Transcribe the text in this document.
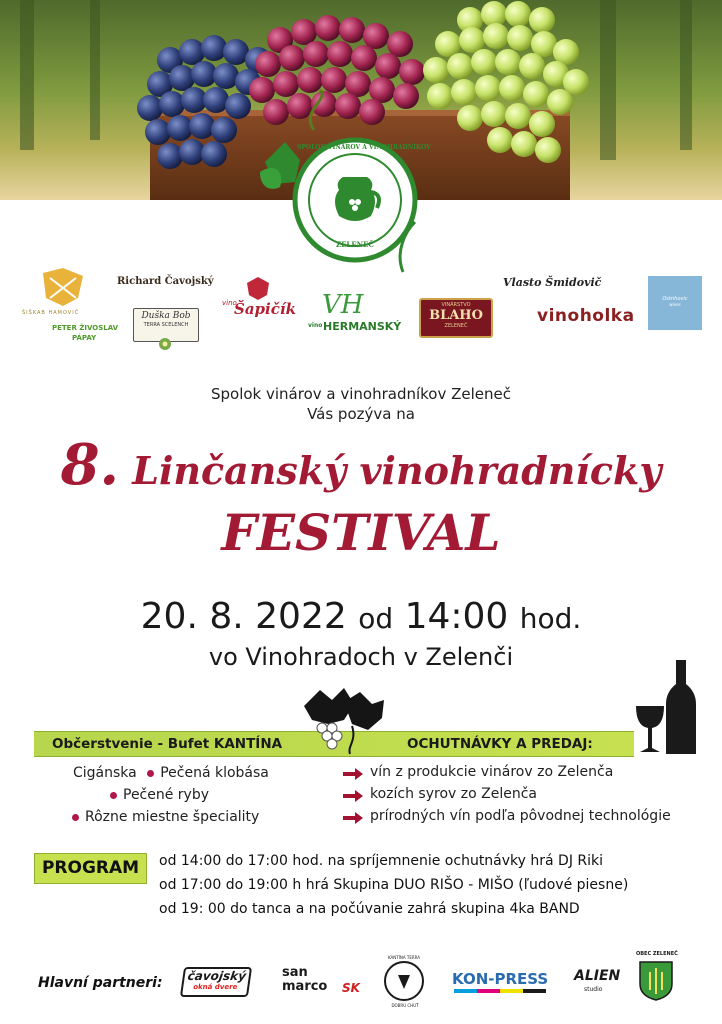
SPOLOK VINÁROV A VINOHRADNÍKOV
ZELENEČ
ŠIŠKAB HAMOVIČ
PETER ŽIVOSLAV
PÁPAY
Richard Čavojský
Duška Bob
TERRA SCELENCH
vino
Šapičík VH
vino HERMANSKÝ
VINÁRSTVO
BLAHO
ZELENEČ
Vlasto Šmidovič
vinoholka
Ostrihovic
wines
Spolok vinárov a vinohradníkov Zeleneč
Vás pozýva na
8. Linčanský vinohradnícky
FESTIVAL
20. 8. 2022 od 14:00 hod.
vo Vinohradoch v Zelenči
Občerstvenie - Bufet KANTÍNA	OCHUTNÁVKY A PREDAJ:
Cigánska Pečená klobása
Pečené ryby
Rôzne miestne špeciality
vín z produkcie vinárov zo Zelenča
kozích syrov zo Zelenča
prírodných vín podľa pôvodnej technológie
PROGRAM	od 14:00 do 17:00 hod. na spríjemnenie ochutnávky hrá DJ Riki
od 17:00 do 19:00 h hrá Skupina DUO RIŠO - MIŠO (ľudové piesne)
od 19: 00 do tanca a na počúvanie zahrá skupina 4ka BAND
Hlavní partneri: čavojský
okná dvere
san marco	SK
KANTÍNA TERRA
DOBRÚ CHUŤ
KON-PRESS ALIEN
studio
OBEC ZELENEČ
